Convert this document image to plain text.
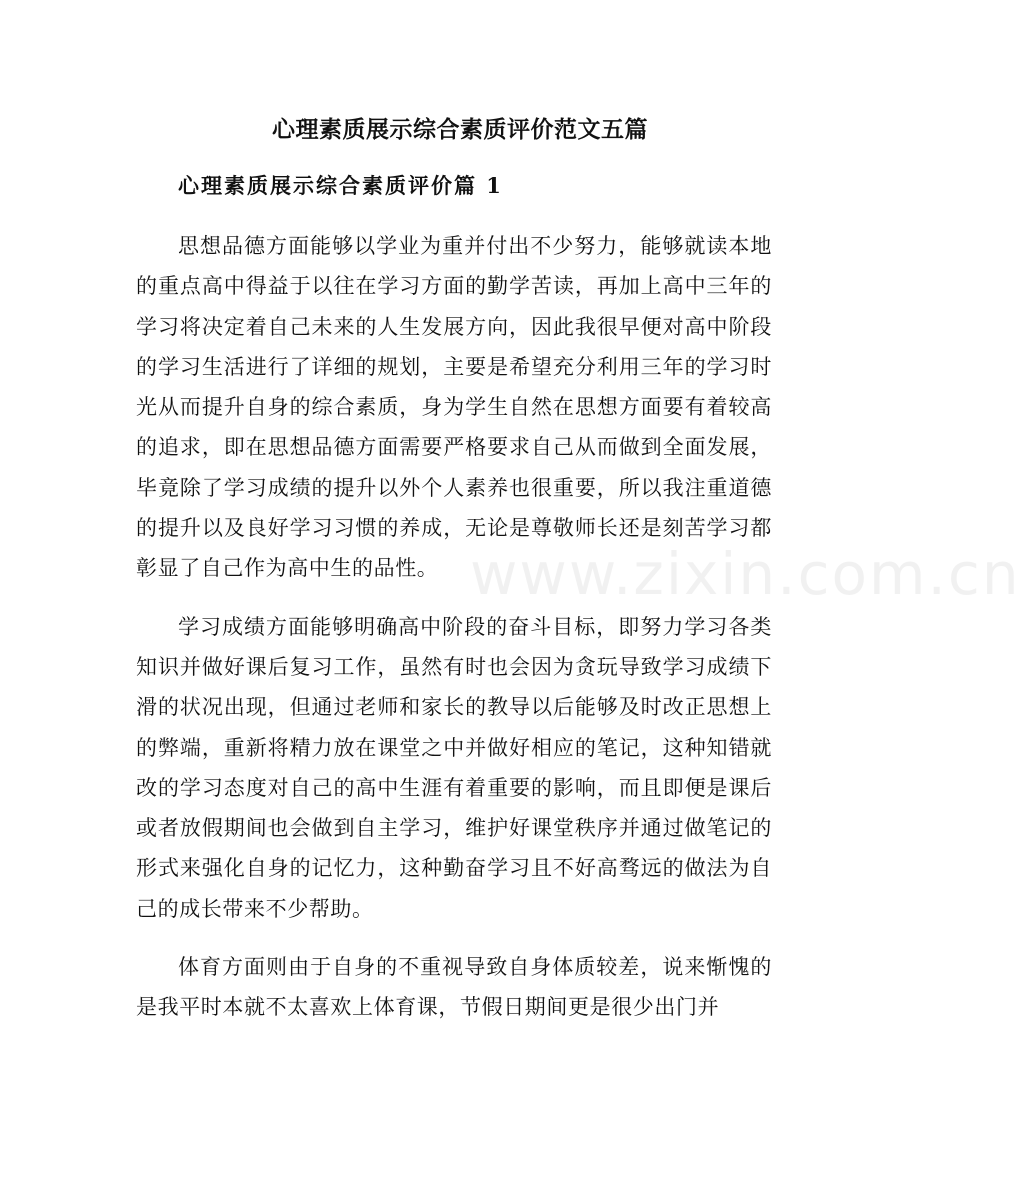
心理素质展示综合素质评价范文五篇
心理素质展示综合素质评价篇 1

思想品德方面能够以学业为重并付出不少努力，能够就读本地的重点高中得益于以往在学习方面的勤学苦读，再加上高中三年的学习将决定着自己未来的人生发展方向，因此我很早便对高中阶段的学习生活进行了详细的规划，主要是希望充分利用三年的学习时光从而提升自身的综合素质，身为学生自然在思想方面要有着较高的追求，即在思想品德方面需要严格要求自己从而做到全面发展，毕竟除了学习成绩的提升以外个人素养也很重要，所以我注重道德的提升以及良好学习习惯的养成，无论是尊敬师长还是刻苦学习都彰显了自己作为高中生的品性。

学习成绩方面能够明确高中阶段的奋斗目标，即努力学习各类知识并做好课后复习工作，虽然有时也会因为贪玩导致学习成绩下滑的状况出现，但通过老师和家长的教导以后能够及时改正思想上的弊端，重新将精力放在课堂之中并做好相应的笔记，这种知错就改的学习态度对自己的高中生涯有着重要的影响，而且即便是课后或者放假期间也会做到自主学习，维护好课堂秩序并通过做笔记的形式来强化自身的记忆力，这种勤奋学习且不好高骛远的做法为自己的成长带来不少帮助。

体育方面则由于自身的不重视导致自身体质较差，说来惭愧的是我平时本就不太喜欢上体育课，节假日期间更是很少出门并

www.zixin.com.cn
